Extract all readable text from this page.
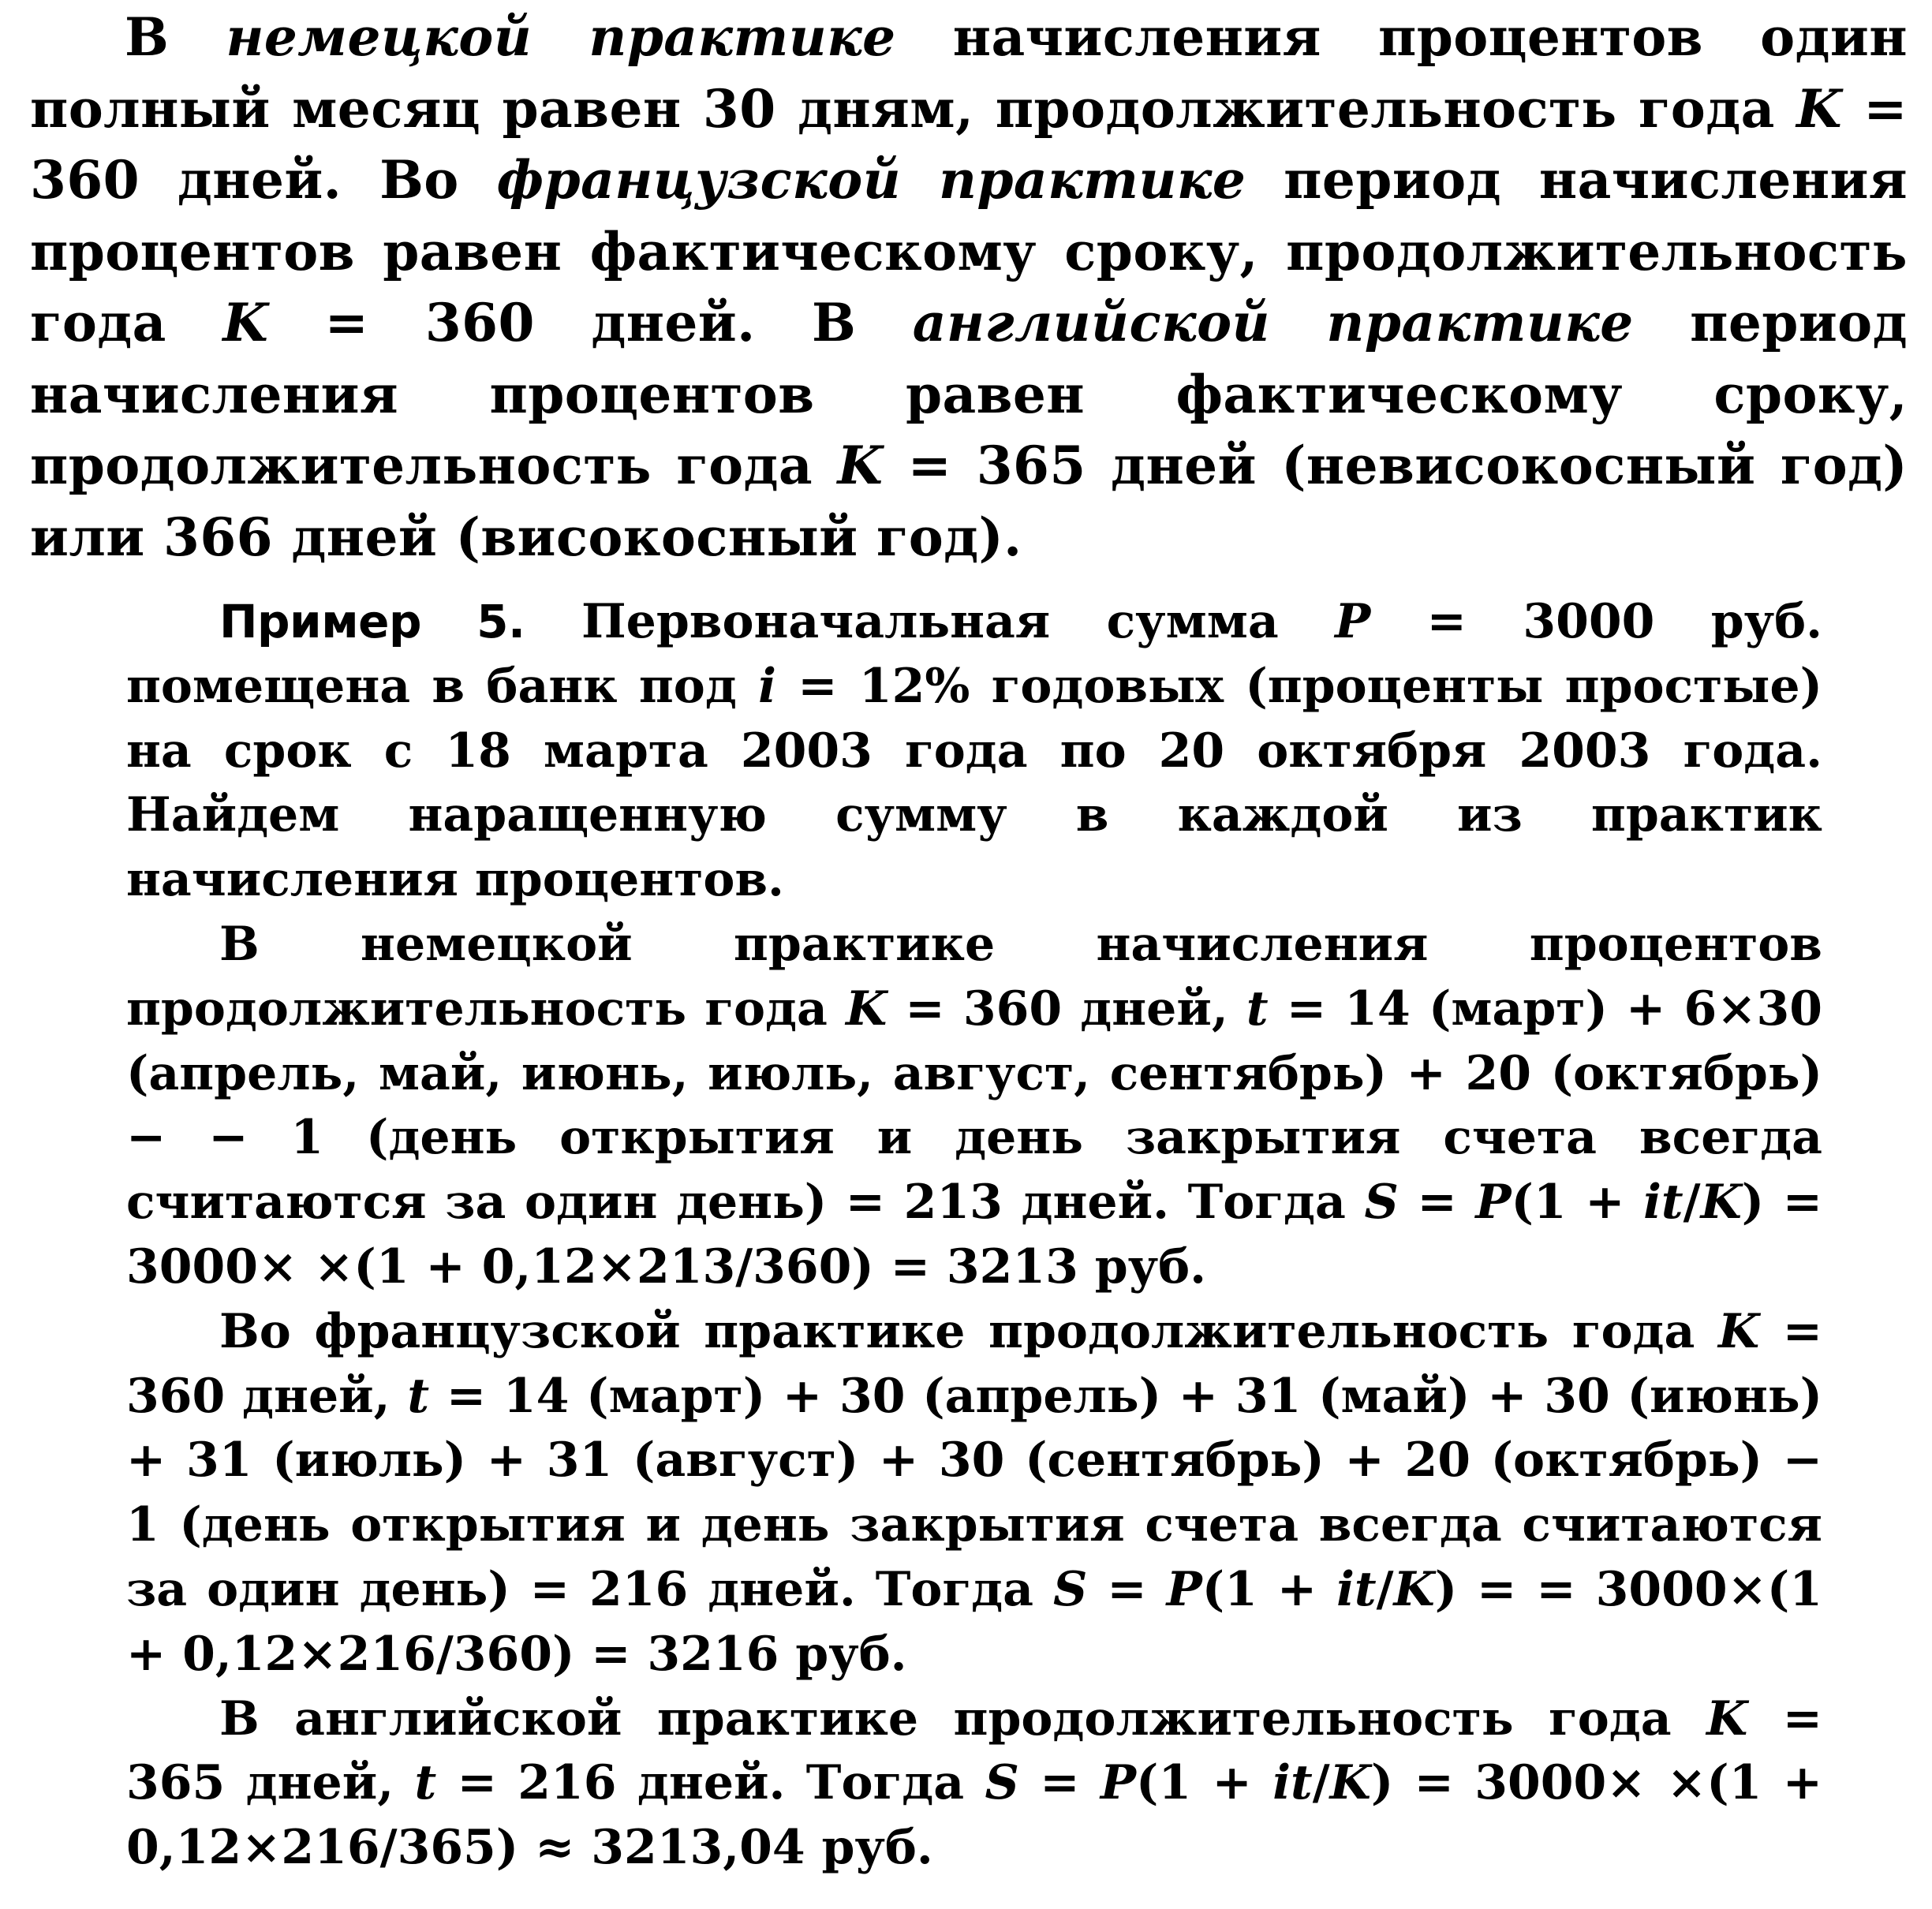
В немецкой практике начисления процентов один полный месяц равен 30 дням, продолжительность года K = 360 дней. Во французской практике период начисления процентов равен фактическому сроку, продолжительность года K = 360 дней. В английской практике период начисления процентов равен фактическому сроку, продолжительность года K = 365 дней (невисокосный год) или 366 дней (високосный год).

Пример 5. Первоначальная сумма P = 3000 руб. помещена в банк под i = 12% годовых (проценты простые) на срок с 18 марта 2003 года по 20 октября 2003 года. Найдем наращенную сумму в каждой из практик начисления процентов.

В немецкой практике начисления процентов продолжительность года K = 360 дней, t = 14 (март) + 6×30 (апрель, май, июнь, июль, август, сентябрь) + 20 (октябрь) − − 1 (день открытия и день закрытия счета всегда считаются за один день) = 213 дней. Тогда S = P(1 + it/K) = 3000× ×(1 + 0,12×213/360) = 3213 руб.

Во французской практике продолжительность года K = 360 дней, t = 14 (март) + 30 (апрель) + 31 (май) + 30 (июнь) + 31 (июль) + 31 (август) + 30 (сентябрь) + 20 (октябрь) − 1 (день открытия и день закрытия счета всегда считаются за один день) = 216 дней. Тогда S = P(1 + it/K) = = 3000×(1 + 0,12×216/360) = 3216 руб.

В английской практике продолжительность года K = 365 дней, t = 216 дней. Тогда S = P(1 + it/K) = 3000× ×(1 + 0,12×216/365) ≈ 3213,04 руб.
